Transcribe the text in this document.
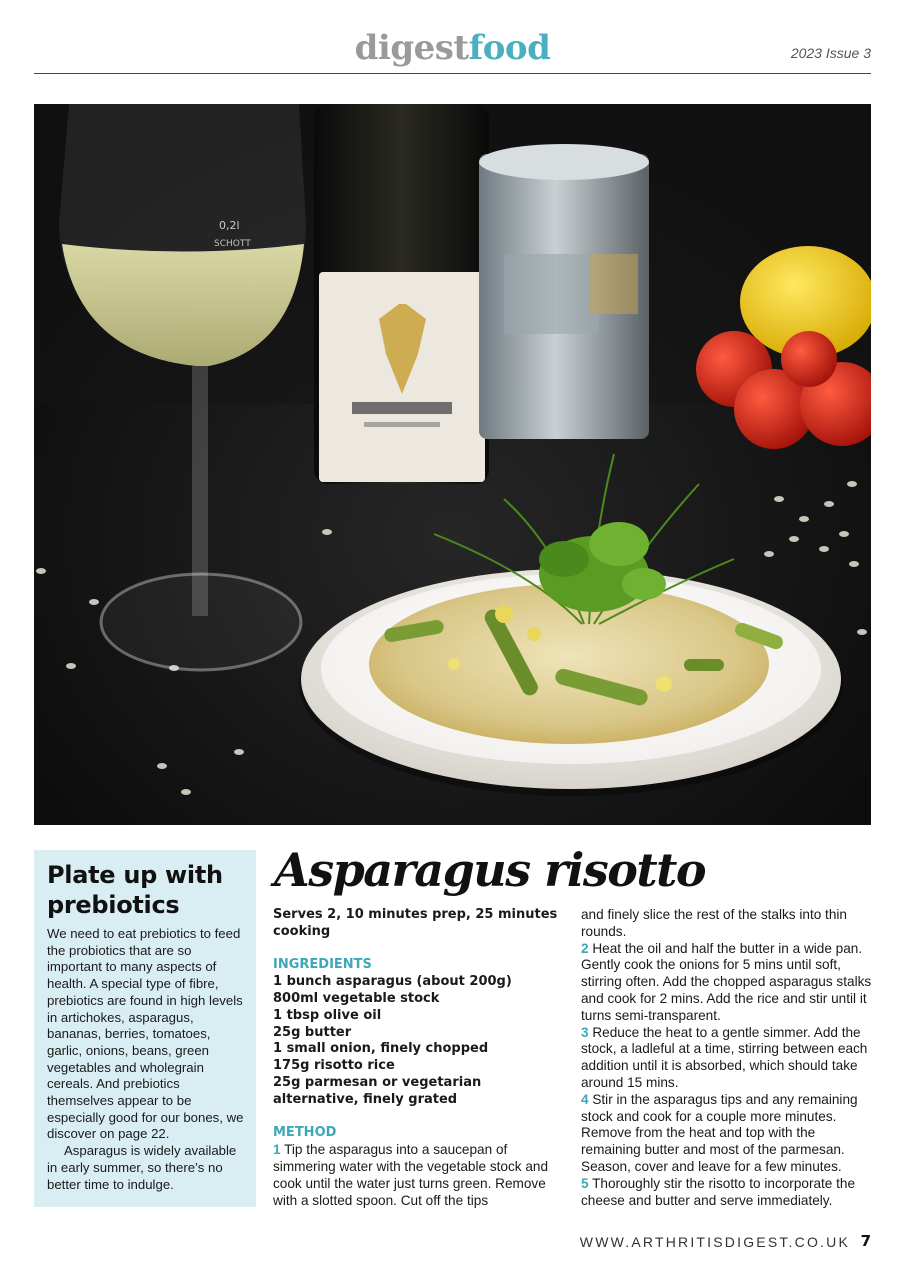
digestfood	2023 Issue 3
0,2l
SCHOTT
Plate up with prebiotics

We need to eat prebiotics to feed the probiotics that are so important to many aspects of health. A special type of fibre, prebiotics are found in high levels in artichokes, asparagus, bananas, berries, tomatoes, garlic, onions, beans, green vegetables and wholegrain cereals. And prebiotics themselves appear to be especially good for our bones, we discover on page 22.

Asparagus is widely available in early summer, so there’s no better time to indulge.

Asparagus risotto
Serves 2, 10 minutes prep, 25 minutes cooking
INGREDIENTS
1 bunch asparagus (about 200g)
800ml vegetable stock
1 tbsp olive oil
25g butter
1 small onion, finely chopped
175g risotto rice
25g parmesan or vegetarian alternative, finely grated
METHOD
1 Tip the asparagus into a saucepan of simmering water with the vegetable stock and cook until the water just turns green. Remove with a slotted spoon. Cut off the tips
and finely slice the rest of the stalks into thin rounds.
2 Heat the oil and half the butter in a wide pan. Gently cook the onions for 5 mins until soft, stirring often. Add the chopped asparagus stalks and cook for 2 mins. Add the rice and stir until it turns semi-transparent.
3 Reduce the heat to a gentle simmer. Add the stock, a ladleful at a time, stirring between each addition until it is absorbed, which should take around 15 mins.
4 Stir in the asparagus tips and any remaining stock and cook for a couple more minutes. Remove from the heat and top with the remaining butter and most of the parmesan. Season, cover and leave for a few minutes.
5 Thoroughly stir the risotto to incorporate the cheese and butter and serve immediately.
WWW.ARTHRITISDIGEST.CO.UK 7
